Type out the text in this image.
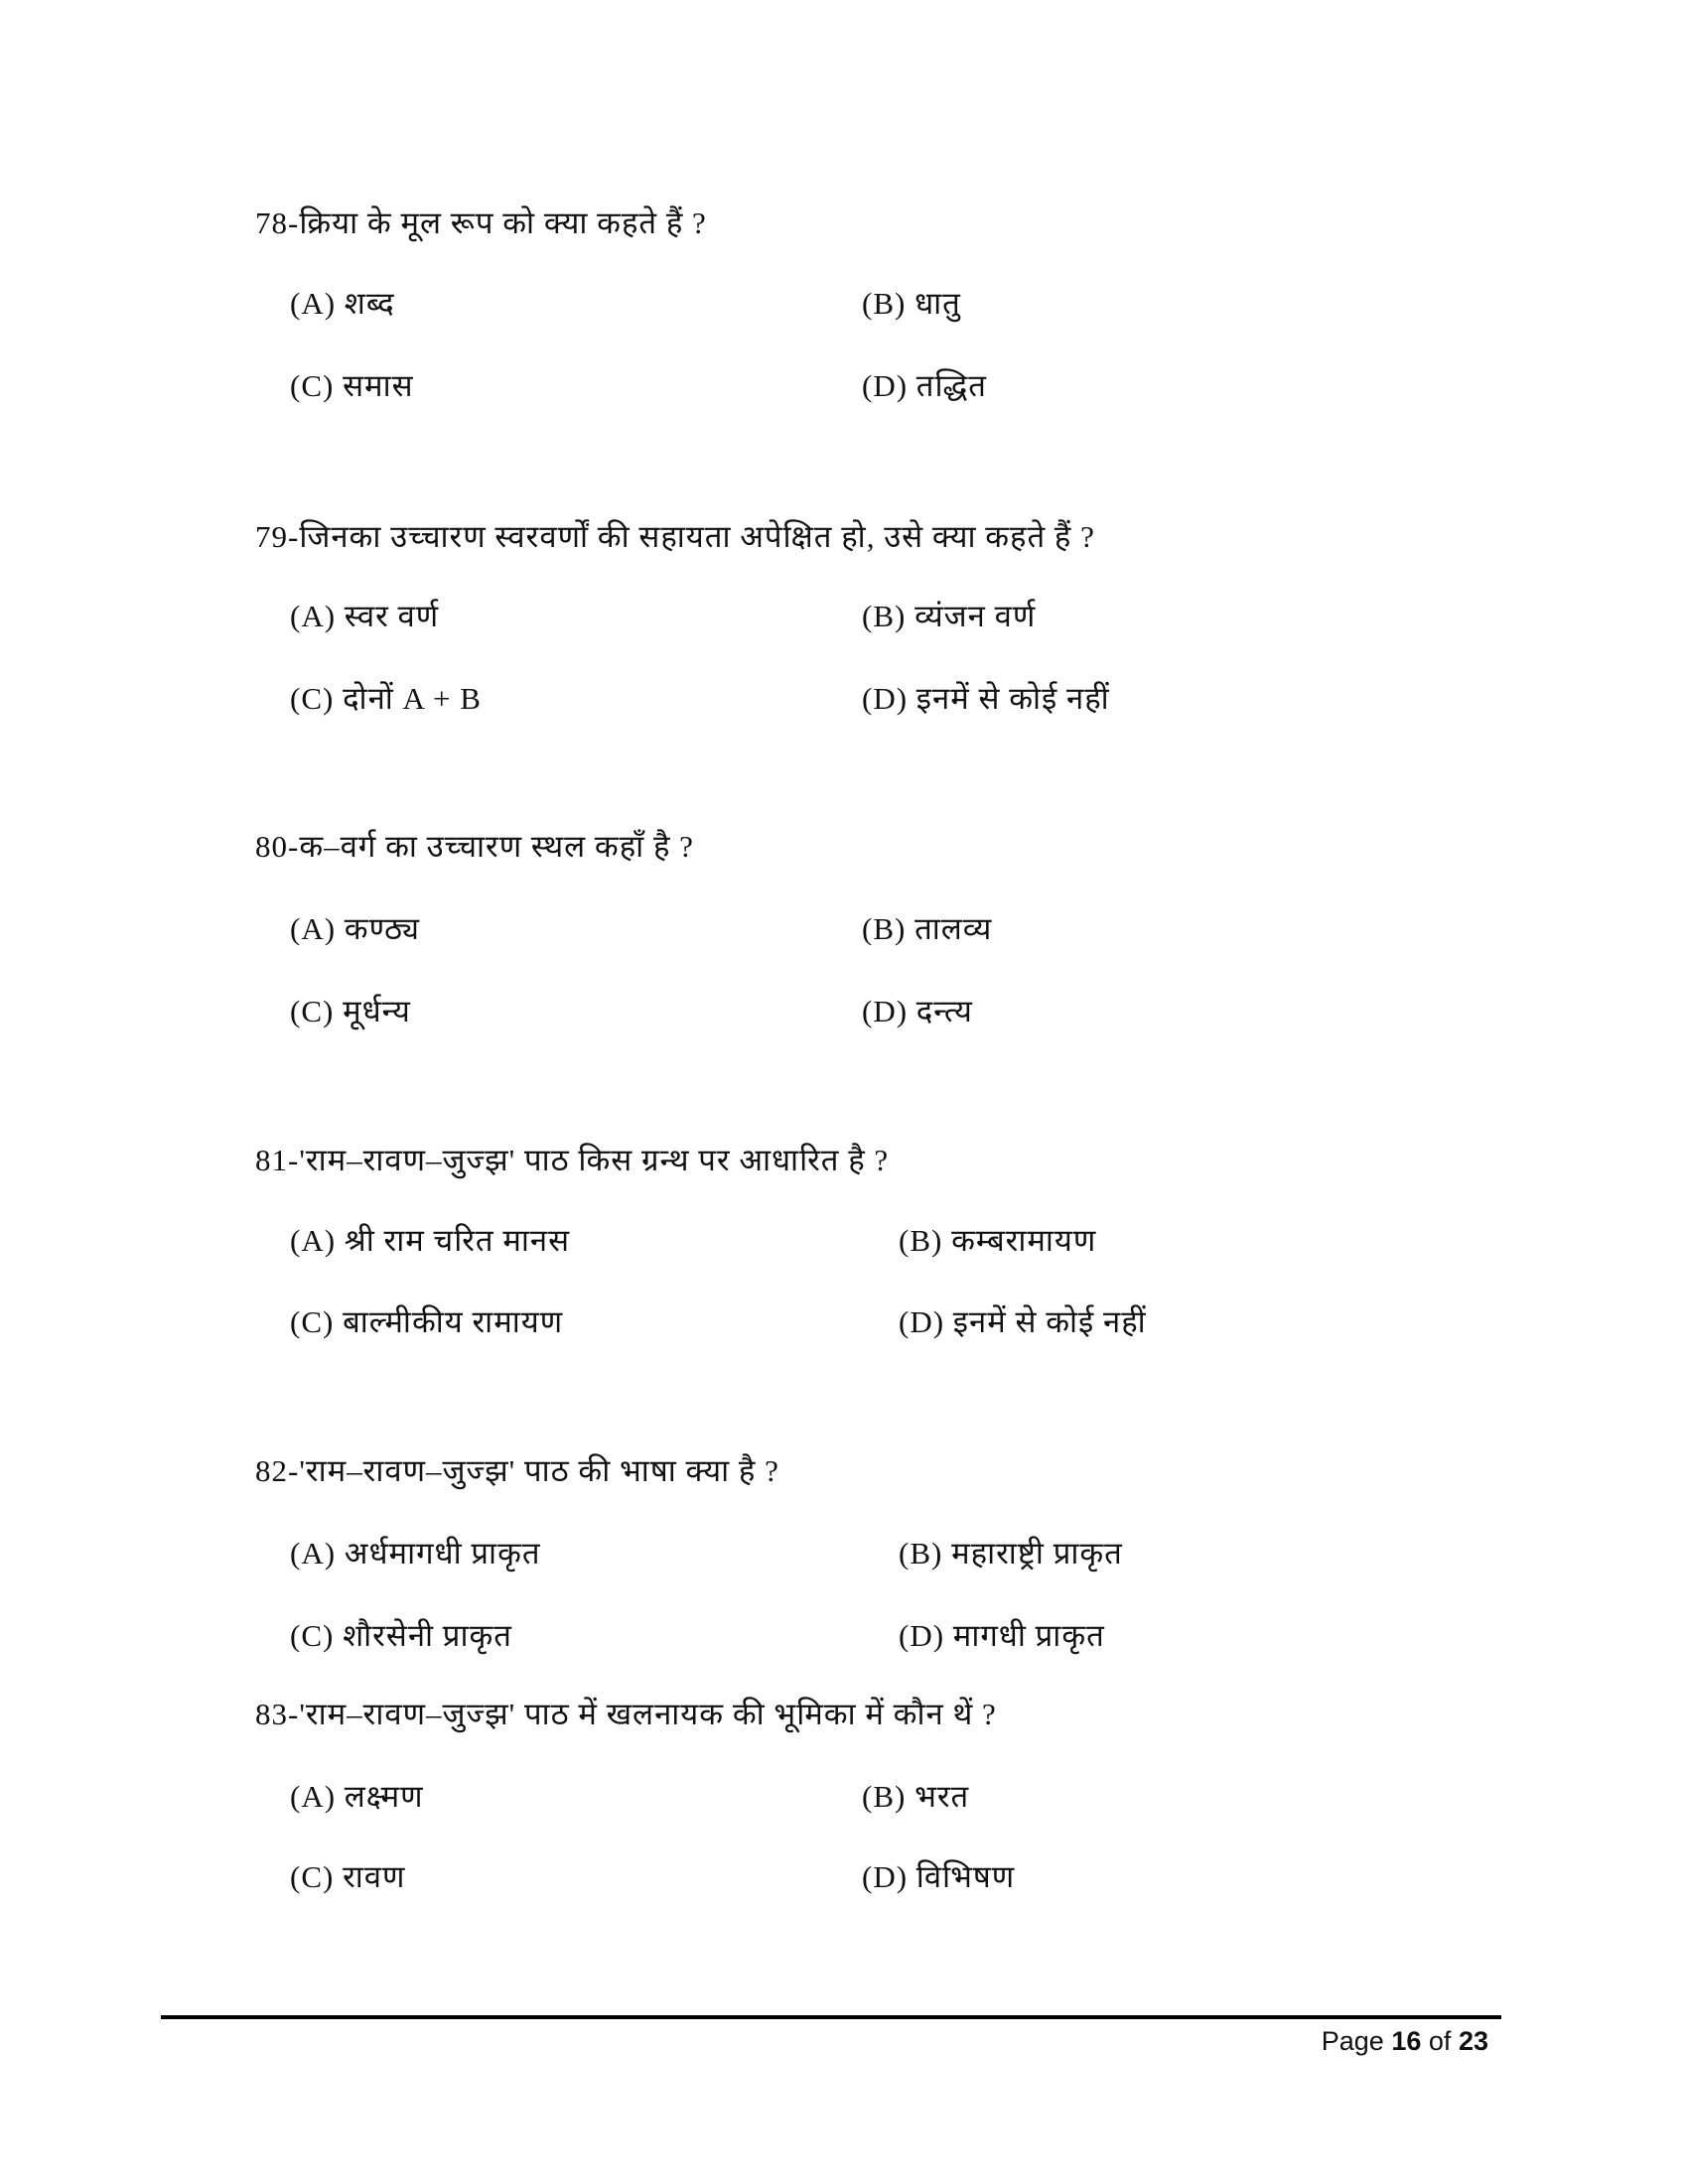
78-क्रिया के मूल रूप को क्या कहते हैं ?
(A) शब्द	(B) धातु
(C) समास	(D) तद्धित
79-जिनका उच्चारण स्वरवर्णों की सहायता अपेक्षित हो, उसे क्या कहते हैं ?
(A) स्वर वर्ण	(B) व्यंजन वर्ण
(C) दोनों A + B	(D) इनमें से कोई नहीं
80-क–वर्ग का उच्चारण स्थल कहाँ है ?
(A) कण्ठ्य	(B) तालव्य
(C) मूर्धन्य	(D) दन्त्य
81-'राम–रावण–जुज्झ' पाठ किस ग्रन्थ पर आधारित है ?
(A) श्री राम चरित मानस	(B) कम्बरामायण
(C) बाल्मीकीय रामायण	(D) इनमें से कोई नहीं
82-'राम–रावण–जुज्झ' पाठ की भाषा क्या है ?
(A) अर्धमागधी प्राकृत	(B) महाराष्ट्री प्राकृत
(C) शौरसेनी प्राकृत	(D) मागधी प्राकृत
83-'राम–रावण–जुज्झ' पाठ में खलनायक की भूमिका में कौन थें ?
(A) लक्ष्मण	(B) भरत
(C) रावण	(D) विभिषण
Page 16 of 23
